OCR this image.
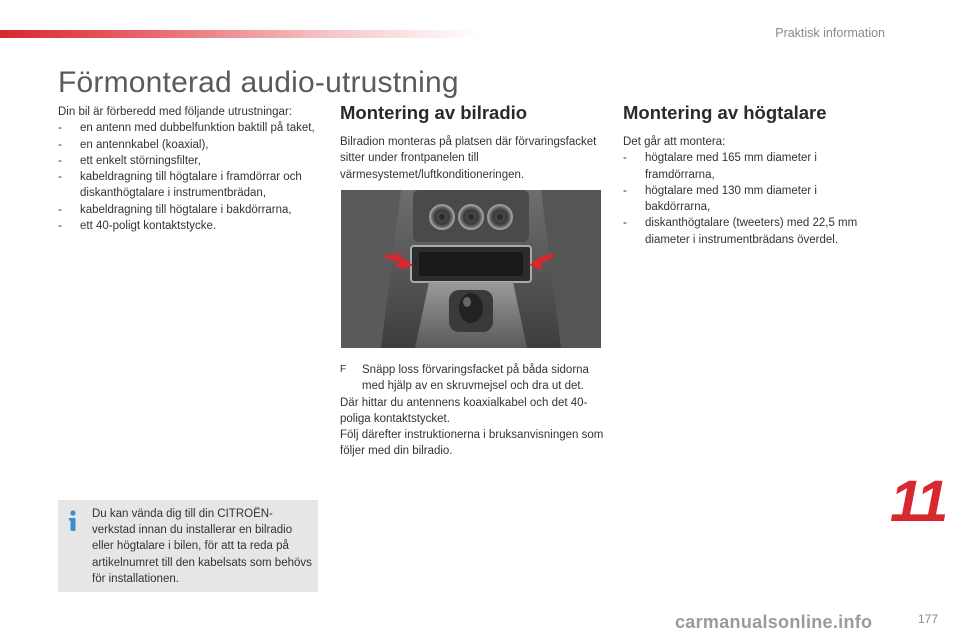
Praktisk information
Förmonterad audio-utrustning

Din bil är förberedd med följande utrustningar:

- en antenn med dubbelfunktion baktill på taket,
- en antennkabel (koaxial),
- ett enkelt störningsfilter,
- kabeldragning till högtalare i framdörrar och diskanthögtalare i instrumentbrädan,
- kabeldragning till högtalare i bakdörrarna,
- ett 40-poligt kontaktstycke.
Montering av bilradio

Bilradion monteras på platsen där förvaringsfacket sitter under frontpanelen till värmesystemet/luftkonditioneringen.

F Snäpp loss förvaringsfacket på båda sidorna med hjälp av en skruvmejsel och dra ut det.

Där hittar du antennens koaxialkabel och det 40-poliga kontaktstycket.

Följ därefter instruktionerna i bruksanvisningen som följer med din bilradio.

Montering av högtalare

Det går att montera:

- högtalare med 165 mm diameter i framdörrarna,
- högtalare med 130 mm diameter i bakdörrarna,
- diskanthögtalare (tweeters) med 22,5 mm diameter i instrumentbrädans överdel.
Du kan vända dig till din CITROËN-verkstad innan du installerar en bilradio eller högtalare i bilen, för att ta reda på artikelnumret till den kabelsats som behövs för installationen.
11
carmanualsonline.info	177
